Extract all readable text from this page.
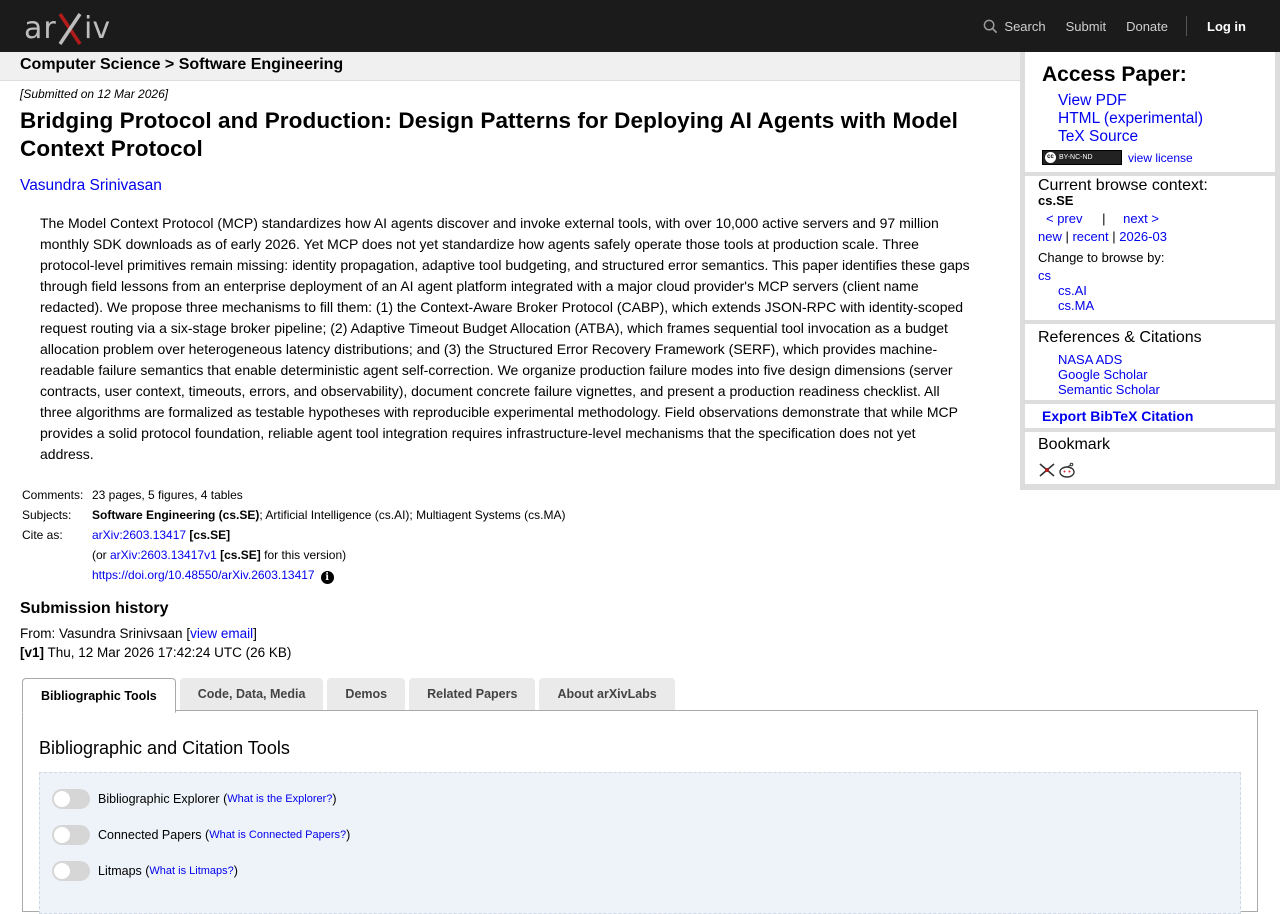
ar iv	Search Submit Donate	Log in
Computer Science > Software Engineering
[Submitted on 12 Mar 2026]
Bridging Protocol and Production: Design Patterns for Deploying AI Agents with Model Context Protocol
Vasundra Srinivasan
The Model Context Protocol (MCP) standardizes how AI agents discover and invoke external tools, with over 10,000 active servers and 97 million monthly SDK downloads as of early 2026. Yet MCP does not yet standardize how agents safely operate those tools at production scale. Three protocol-level primitives remain missing: identity propagation, adaptive tool budgeting, and structured error semantics. This paper identifies these gaps through field lessons from an enterprise deployment of an AI agent platform integrated with a major cloud provider's MCP servers (client name redacted). We propose three mechanisms to fill them: (1) the Context-Aware Broker Protocol (CABP), which extends JSON-RPC with identity-scoped request routing via a six-stage broker pipeline; (2) Adaptive Timeout Budget Allocation (ATBA), which frames sequential tool invocation as a budget allocation problem over heterogeneous latency distributions; and (3) the Structured Error Recovery Framework (SERF), which provides machine-readable failure semantics that enable deterministic agent self-correction. We organize production failure modes into five design dimensions (server contracts, user context, timeouts, errors, and observability), document concrete failure vignettes, and present a production readiness checklist. All three algorithms are formalized as testable hypotheses with reproducible experimental methodology. Field observations demonstrate that while MCP provides a solid protocol foundation, reliable agent tool integration requires infrastructure-level mechanisms that the specification does not yet address.
Comments:	23 pages, 5 figures, 4 tables
Subjects:	Software Engineering (cs.SE); Artificial Intelligence (cs.AI); Multiagent Systems (cs.MA)
Cite as:	arXiv:2603.13417 [cs.SE]
	(or arXiv:2603.13417v1 [cs.SE] for this version)
	https://doi.org/10.48550/arXiv.2603.13417 i
Submission history
From: Vasundra Srinivsaan [view email]
[v1] Thu, 12 Mar 2026 17:42:24 UTC (26 KB)
Bibliographic Tools	Code, Data, Media	Demos	Related Papers	About arXivLabs
Bibliographic and Citation Tools
Bibliographic Explorer ( What is the Explorer? )
Connected Papers ( What is Connected Papers? )
Litmaps ( What is Litmaps? )
Access Paper:
View PDF
HTML (experimental)
TeX Source
cc BY-NC-ND	view license
Current browse context:
cs.SE
< prev | next >
new | recent | 2026-03
Change to browse by:
cs
cs.AI
cs.MA
References & Citations
NASA ADS
Google Scholar
Semantic Scholar
Export BibTeX Citation
Bookmark
